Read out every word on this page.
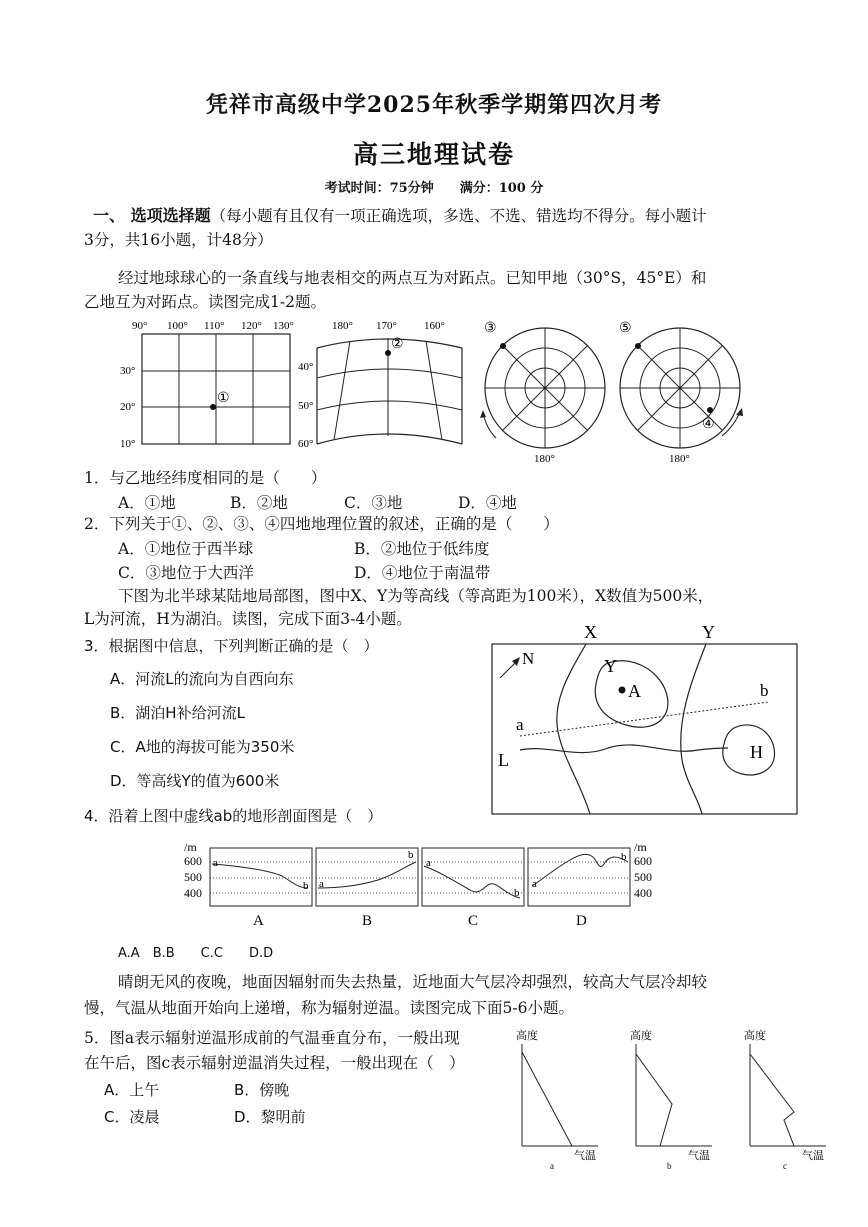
凭祥市高级中学2025年秋季学期第四次月考
高三地理试卷
考试时间：75分钟　　满分：100 分
一、 选项选择题（每小题有且仅有一项正确选项，多选、不选、错选均不得分。每小题计
3分，共16小题，计48分）
经过地球球心的一条直线与地表相交的两点互为对跖点。已知甲地（30°S，45°E）和
乙地互为对跖点。读图完成1-2题。
90° 100° 110° 120° 130°
30°
20°
10°
①
180° 170° 160°
40°
50°
60°
②
③
180°
⑤
④
180°
1．与乙地经纬度相同的是（　　）
A．①地	B．②地	C．③地	D．④地
2．下列关于①、②、③、④四地地理位置的叙述，正确的是（　　）
A．①地位于西半球	B．②地位于低纬度
C．③地位于大西洋	D．④地位于南温带
下图为北半球某陆地局部图，图中X、Y为等高线（等高距为100米），X数值为500米，
L为河流，H为湖泊。读图，完成下面3-4小题。
3．根据图中信息，下列判断正确的是（　）
A．河流L的流向为自西向东
B．湖泊H补给河流L
C．A地的海拔可能为350米
D．等高线Y的值为600米
X	Y
Y
A
N
a
b
H
L
4．沿着上图中虚线ab的地形剖面图是（　）
/m
600
500
400
/m
600
500
400
a
b
A
a
b
B
a
b
C
a
b
D
A.A　B.B　　C.C　　D.D
晴朗无风的夜晚，地面因辐射而失去热量，近地面大气层冷却强烈，较高大气层冷却较
慢，气温从地面开始向上递增，称为辐射逆温。读图完成下面5-6小题。
5．图a表示辐射逆温形成前的气温垂直分布，一般出现
在午后，图c表示辐射逆温消失过程，一般出现在（　）
A．上午	B．傍晚
C．凌晨	D．黎明前
高度
气温
a
高度
气温
b
高度
气温
c
